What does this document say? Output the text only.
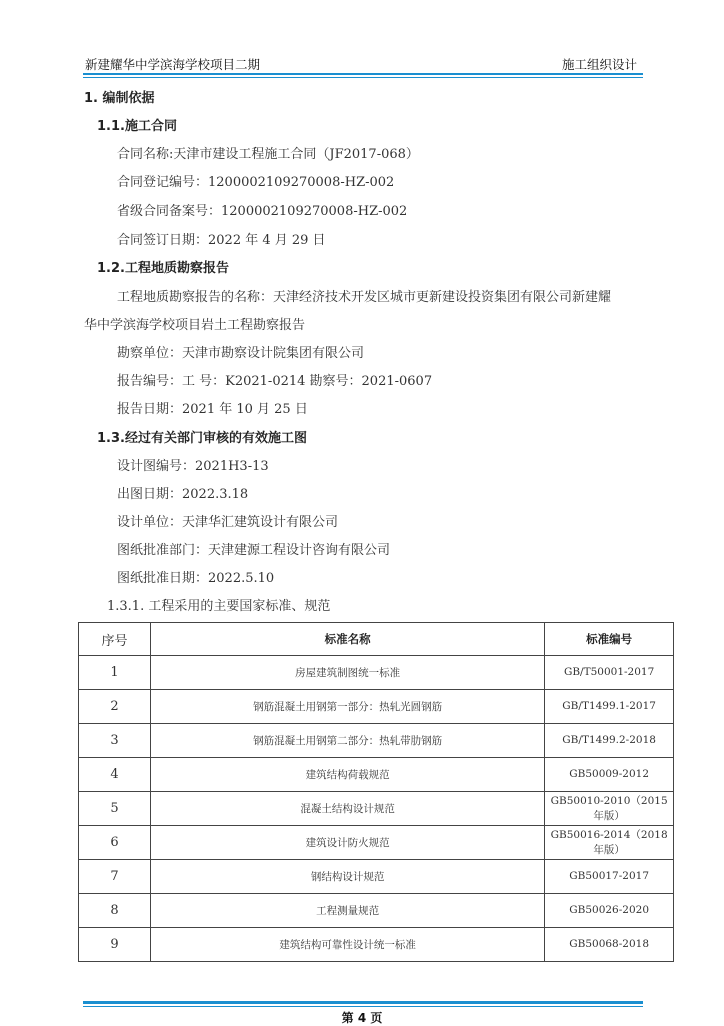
新建耀华中学滨海学校项目二期	施工组织设计
1. 编制依据
1.1.施工合同
合同名称:天津市建设工程施工合同（JF2017-068）
合同登记编号：1200002109270008-HZ-002
省级合同备案号：1200002109270008-HZ-002
合同签订日期：2022 年 4 月 29 日
1.2.工程地质勘察报告
工程地质勘察报告的名称：天津经济技术开发区城市更新建设投资集团有限公司新建耀
华中学滨海学校项目岩土工程勘察报告
勘察单位：天津市勘察设计院集团有限公司
报告编号：工 号：K2021-0214 勘察号：2021-0607
报告日期：2021 年 10 月 25 日
1.3.经过有关部门审核的有效施工图
设计图编号：2021H3-13
出图日期：2022.3.18
设计单位：天津华汇建筑设计有限公司
图纸批准部门：天津建源工程设计咨询有限公司
图纸批准日期：2022.5.10
1.3.1. 工程采用的主要国家标准、规范
序号	标准名称	标准编号
1	房屋建筑制图统一标准	GB/T50001-2017
2	钢筋混凝土用钢第一部分：热轧光圆钢筋	GB/T1499.1-2017
3	钢筋混凝土用钢第二部分：热轧带肋钢筋	GB/T1499.2-2018
4	建筑结构荷载规范	GB50009-2012
5	混凝土结构设计规范	GB50010-2010（2015年版）
6	建筑设计防火规范	GB50016-2014（2018年版）
7	钢结构设计规范	GB50017-2017
8	工程测量规范	GB50026-2020
9	建筑结构可靠性设计统一标准	GB50068-2018
第 4 页
